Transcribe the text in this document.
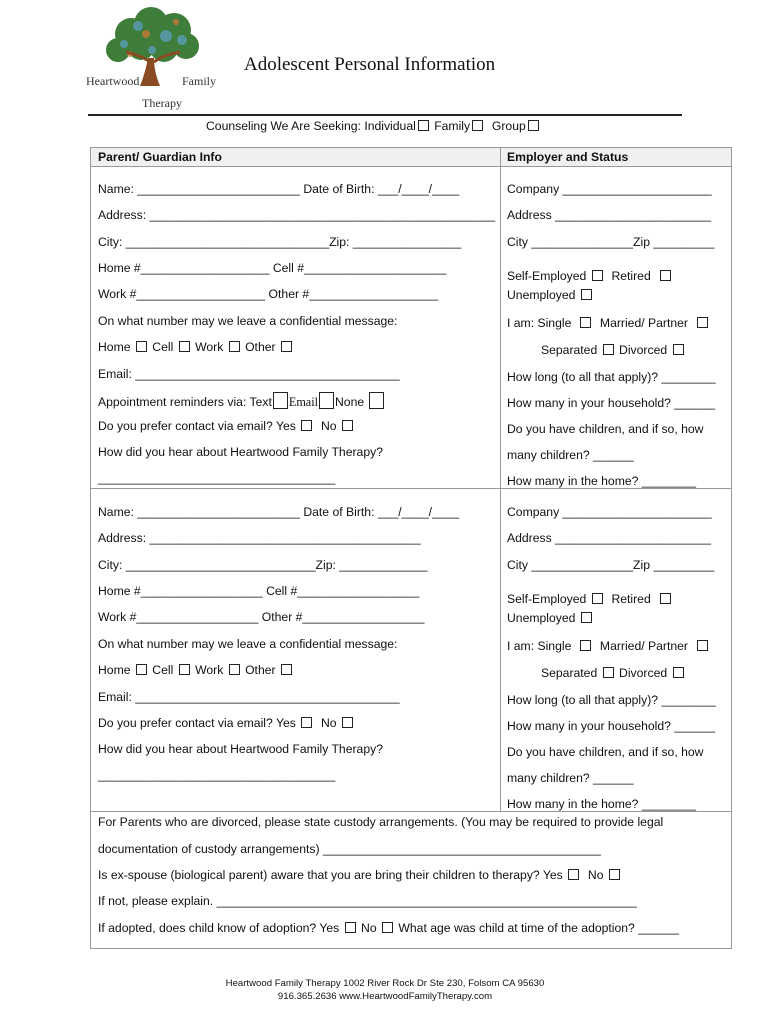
Heartwood	Family
Therapy
Adolescent Personal Information
Counseling We Are Seeking: Individual Family Group
Parent/ Guardian Info	Employer and Status
Name: ________________________ Date of Birth: ___/____/____
Address: ___________________________________________________
City: ______________________________Zip: ________________
Home #___________________ Cell #_____________________
Work #___________________ Other #___________________
On what number may we leave a confidential message:
Home Cell Work Other
Email: _______________________________________
Appointment reminders via: Text Email None
Do you prefer contact via email? Yes No
How did you hear about Heartwood Family Therapy?
___________________________________
Company ______________________
Address _______________________
City _______________Zip _________
Self-Employed Retired
Unemployed
I am: Single Married/ Partner
Separated Divorced
How long (to all that apply)? ________
How many in your household? ______
Do you have children, and if so, how
many children? ______
How many in the home? ________
Name: ________________________ Date of Birth: ___/____/____
Address: ________________________________________
City: ____________________________Zip: _____________
Home #__________________ Cell #__________________
Work #__________________ Other #__________________
On what number may we leave a confidential message:
Home Cell Work Other
Email: _______________________________________
Do you prefer contact via email? Yes No
How did you hear about Heartwood Family Therapy?
___________________________________
Company ______________________
Address _______________________
City _______________Zip _________
Self-Employed Retired
Unemployed
I am: Single Married/ Partner
Separated Divorced
How long (to all that apply)? ________
How many in your household? ______
Do you have children, and if so, how
many children? ______
How many in the home? ________
For Parents who are divorced, please state custody arrangements. (You may be required to provide legal
documentation of custody arrangements) _________________________________________
Is ex-spouse (biological parent) aware that you are bring their children to therapy? Yes No
If not, please explain. ______________________________________________________________
If adopted, does child know of adoption? Yes No What age was child at time of the adoption? ______
Heartwood Family Therapy 1002 River Rock Dr Ste 230, Folsom CA 95630
916.365.2636 www.HeartwoodFamilyTherapy.com
